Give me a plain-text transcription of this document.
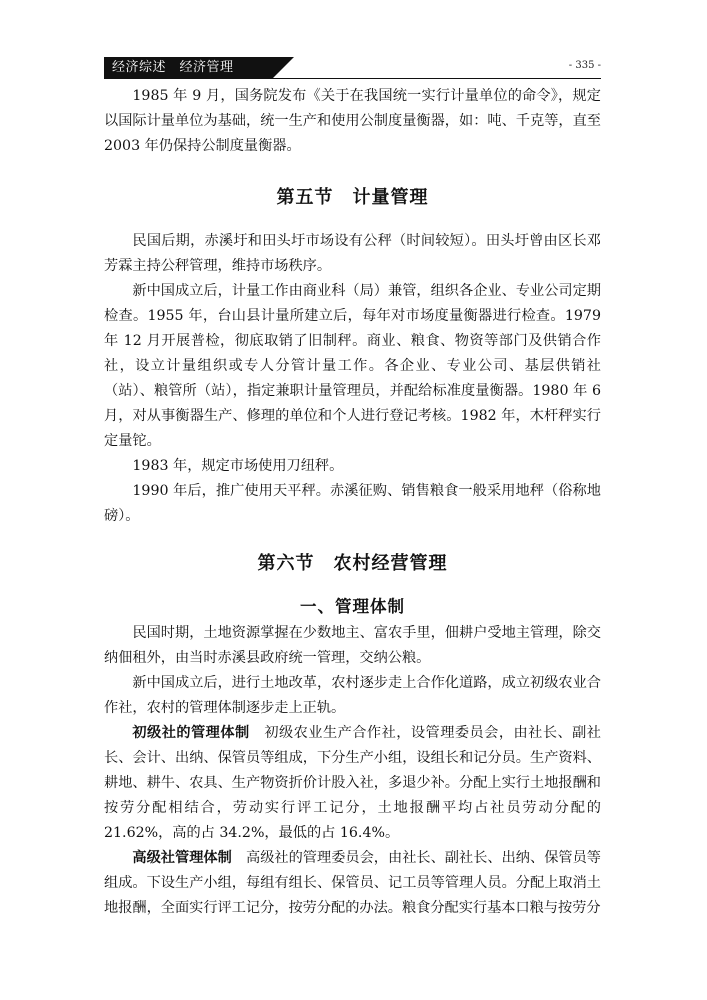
经济综述　经济管理	- 335 -

1985 年 9 月，国务院发布《关于在我国统一实行计量单位的命令》，规定以国际计量单位为基础，统一生产和使用公制度量衡器，如：吨、千克等，直至 2003 年仍保持公制度量衡器。

第五节　计量管理

民国后期，赤溪圩和田头圩市场设有公秤（时间较短）。田头圩曾由区长邓芳霖主持公秤管理，维持市场秩序。

新中国成立后，计量工作由商业科（局）兼管，组织各企业、专业公司定期检查。1955 年，台山县计量所建立后，每年对市场度量衡器进行检查。1979 年 12 月开展普检，彻底取销了旧制秤。商业、粮食、物资等部门及供销合作社，设立计量组织或专人分管计量工作。各企业、专业公司、基层供销社（站）、粮管所（站），指定兼职计量管理员，并配给标准度量衡器。1980 年 6 月，对从事衡器生产、修理的单位和个人进行登记考核。1982 年，木杆秤实行定量铊。

1983 年，规定市场使用刀纽秤。

1990 年后，推广使用天平秤。赤溪征购、销售粮食一般采用地秤（俗称地磅）。

第六节　农村经营管理
一、管理体制

民国时期，土地资源掌握在少数地主、富农手里，佃耕户受地主管理，除交纳佃租外，由当时赤溪县政府统一管理，交纳公粮。

新中国成立后，进行土地改革，农村逐步走上合作化道路，成立初级农业合作社，农村的管理体制逐步走上正轨。

初级社的管理体制 初级农业生产合作社，设管理委员会，由社长、副社长、会计、出纳、保管员等组成，下分生产小组，设组长和记分员。生产资料、耕地、耕牛、农具、生产物资折价计股入社，多退少补。分配上实行土地报酬和按劳分配相结合，劳动实行评工记分，土地报酬平均占社员劳动分配的 21.62%，高的占 34.2%，最低的占 16.4%。

高级社管理体制 高级社的管理委员会，由社长、副社长、出纳、保管员等组成。下设生产小组，每组有组长、保管员、记工员等管理人员。分配上取消土地报酬，全面实行评工记分，按劳分配的办法。粮食分配实行基本口粮与按劳分
